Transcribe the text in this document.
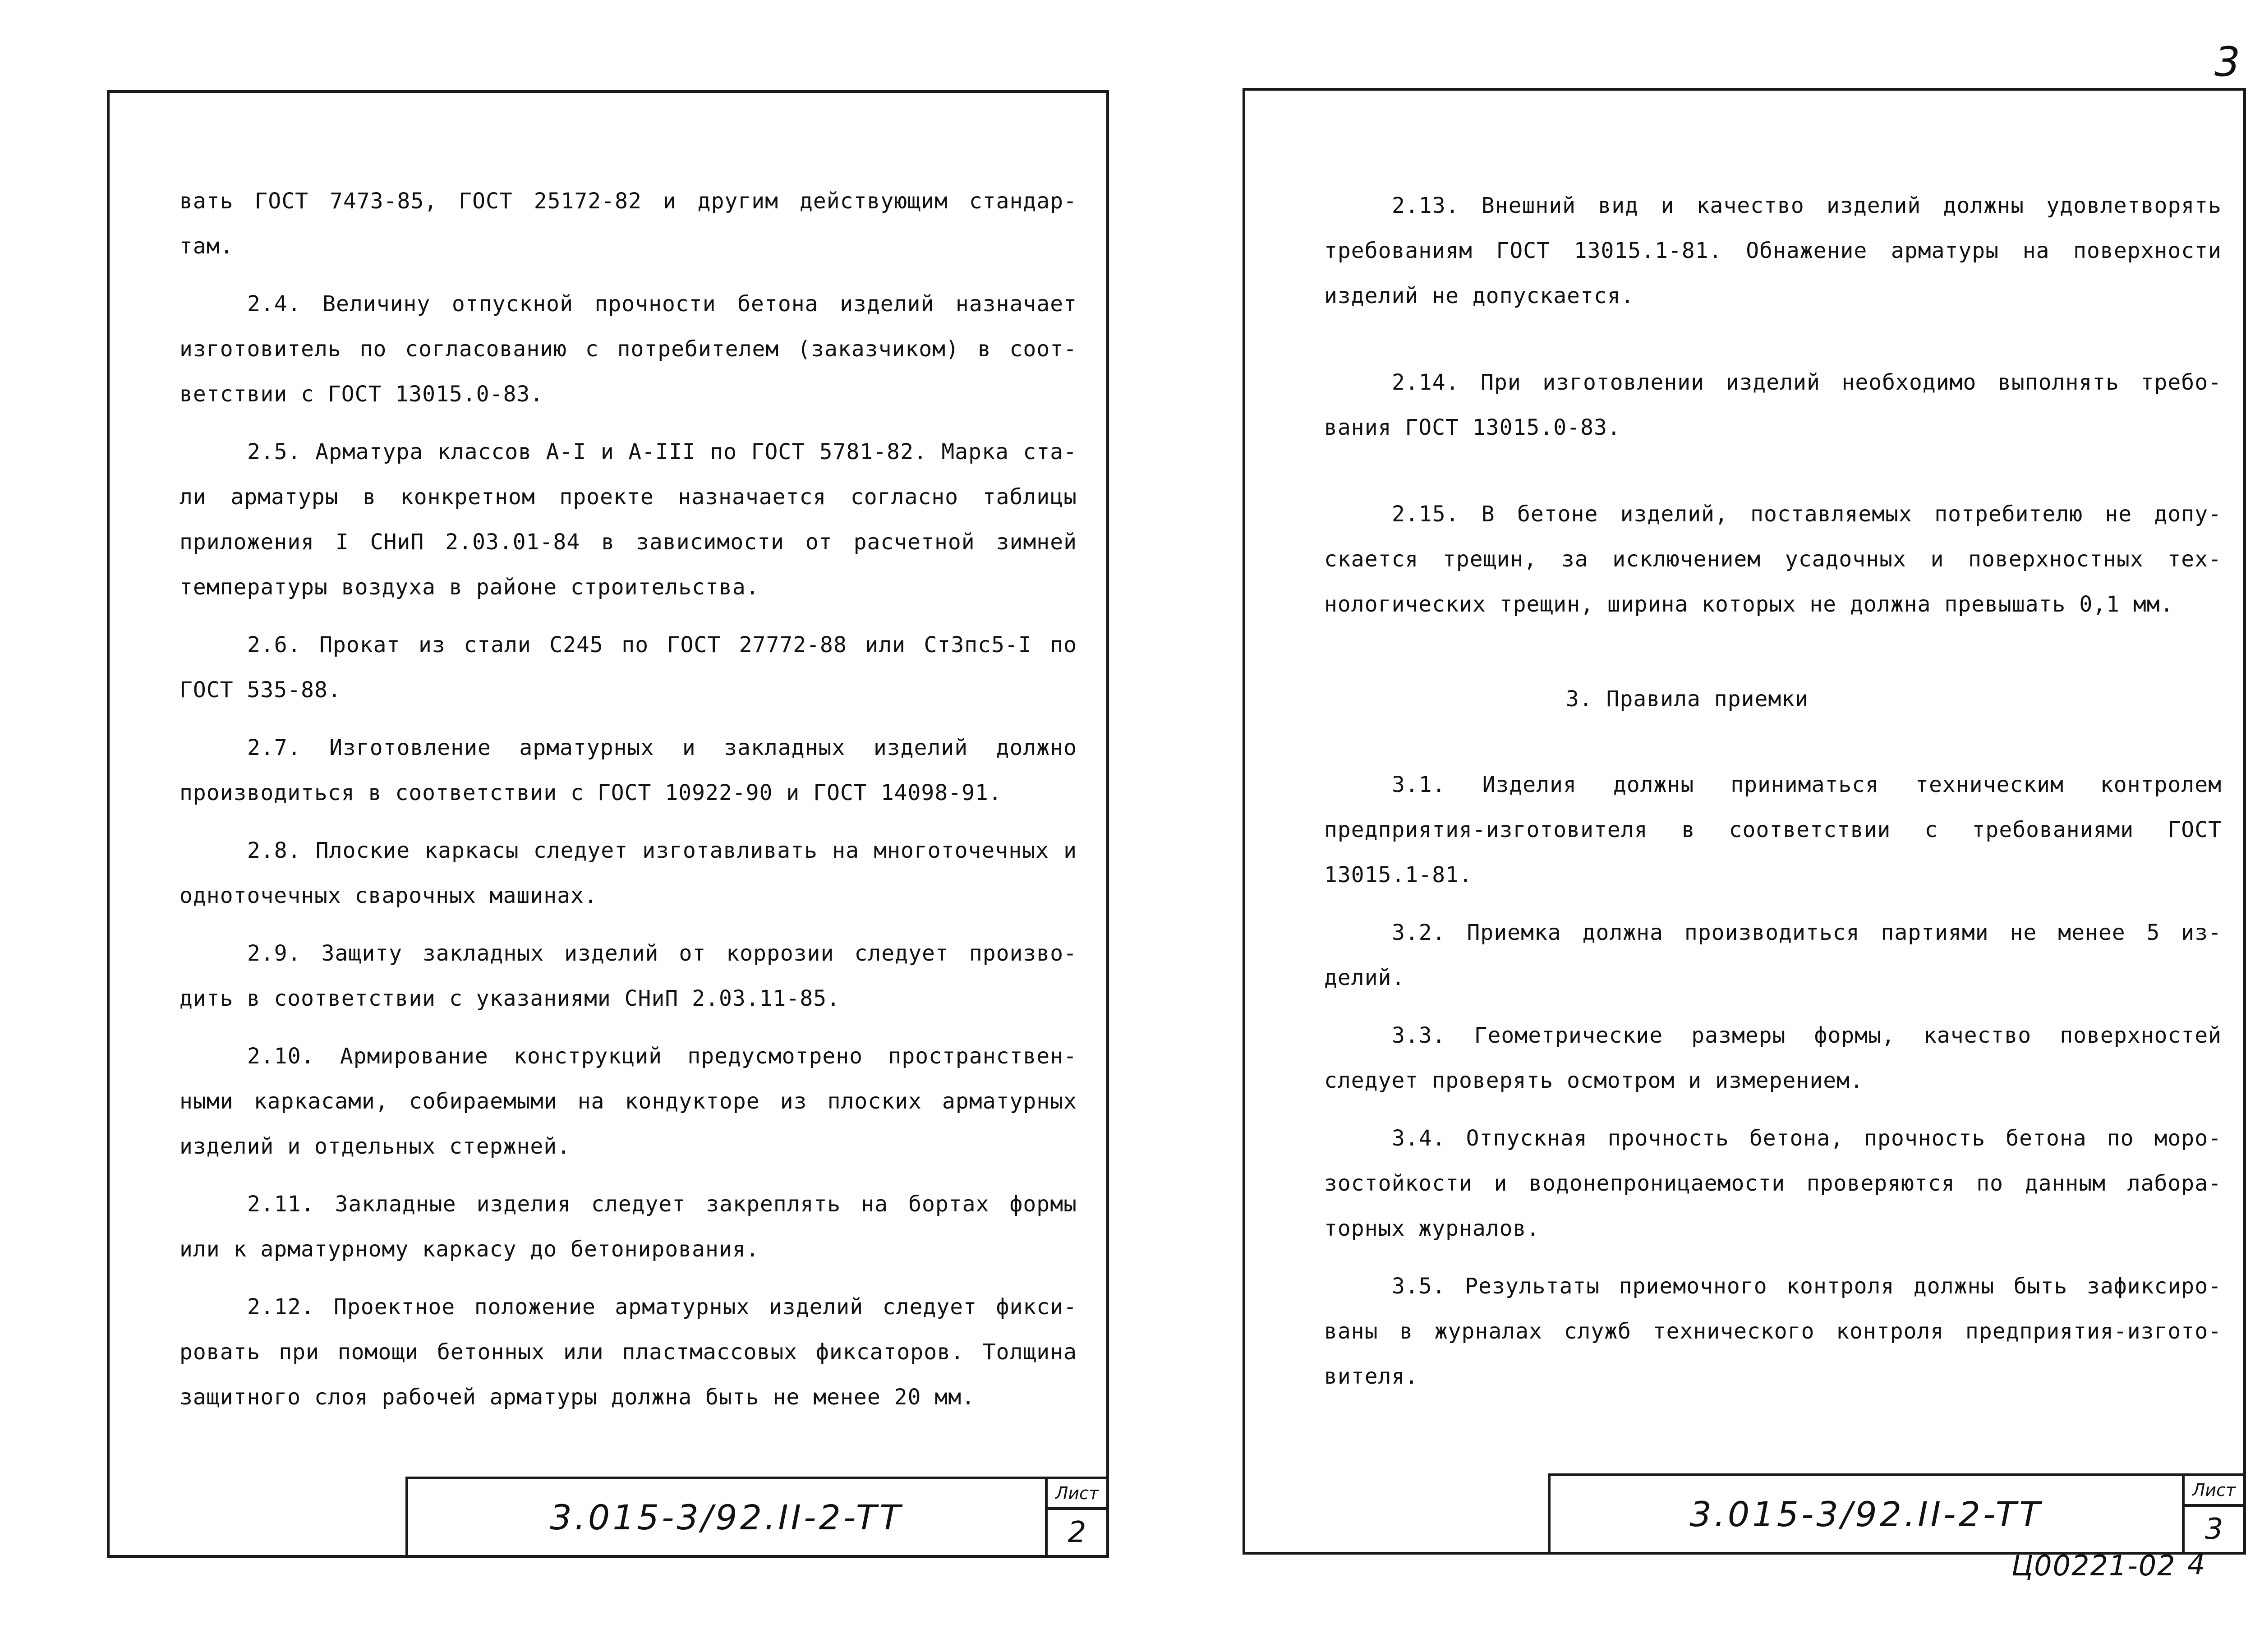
вать ГОСТ 7473-85, ГОСТ 25172-82 и другим действующим стандар- там.

2.4. Величину отпускной прочности бетона изделий назначает изготовитель по согласованию с потребителем (заказчиком) в соот- ветствии с ГОСТ 13015.0-83.

2.5. Арматура классов A-I и A-III по ГОСТ 5781-82. Марка ста- ли арматуры в конкретном проекте назначается согласно таблицы приложения I СНиП 2.03.01-84 в зависимости от расчетной зимней температуры воздуха в районе строительства.

2.6. Прокат из стали С245 по ГОСТ 27772-88 или Ст3пс5-I по ГОСТ 535-88.

2.7. Изготовление арматурных и закладных изделий должно производиться в соответствии с ГОСТ 10922-90 и ГОСТ 14098-91.

2.8. Плоские каркасы следует изготавливать на многоточечных и одноточечных сварочных машинах.

2.9. Защиту закладных изделий от коррозии следует произво- дить в соответствии с указаниями СНиП 2.03.11-85.

2.10. Армирование конструкций предусмотрено пространствен- ными каркасами, собираемыми на кондукторе из плоских арматурных изделий и отдельных стержней.

2.11. Закладные изделия следует закреплять на бортах формы или к арматурному каркасу до бетонирования.

2.12. Проектное положение арматурных изделий следует фикси- ровать при помощи бетонных или пластмассовых фиксаторов. Толщина защитного слоя рабочей арматуры должна быть не менее 20 мм.

3.015-3/92.II-2-TT
Лист
2

2.13. Внешний вид и качество изделий должны удовлетворять требованиям ГОСТ 13015.1-81. Обнажение арматуры на поверхности изделий не допускается.

2.14. При изготовлении изделий необходимо выполнять требо- вания ГОСТ 13015.0-83.

2.15. В бетоне изделий, поставляемых потребителю не допу- скается трещин, за исключением усадочных и поверхностных тех- нологических трещин, ширина которых не должна превышать 0,1 мм.

3. Правила приемки

3.1. Изделия должны приниматься техническим контролем предприятия-изготовителя в соответствии с требованиями ГОСТ 13015.1-81.

3.2. Приемка должна производиться партиями не менее 5 из- делий.

3.3. Геометрические размеры формы, качество поверхностей следует проверять осмотром и измерением.

3.4. Отпускная прочность бетона, прочность бетона по моро- зостойкости и водонепроницаемости проверяются по данным лабора- торных журналов.

3.5. Результаты приемочного контроля должны быть зафиксиро- ваны в журналах служб технического контроля предприятия-изгото- вителя.

3.015-3/92.II-2-TT
Лист
3
3
Ц00221-02 4
